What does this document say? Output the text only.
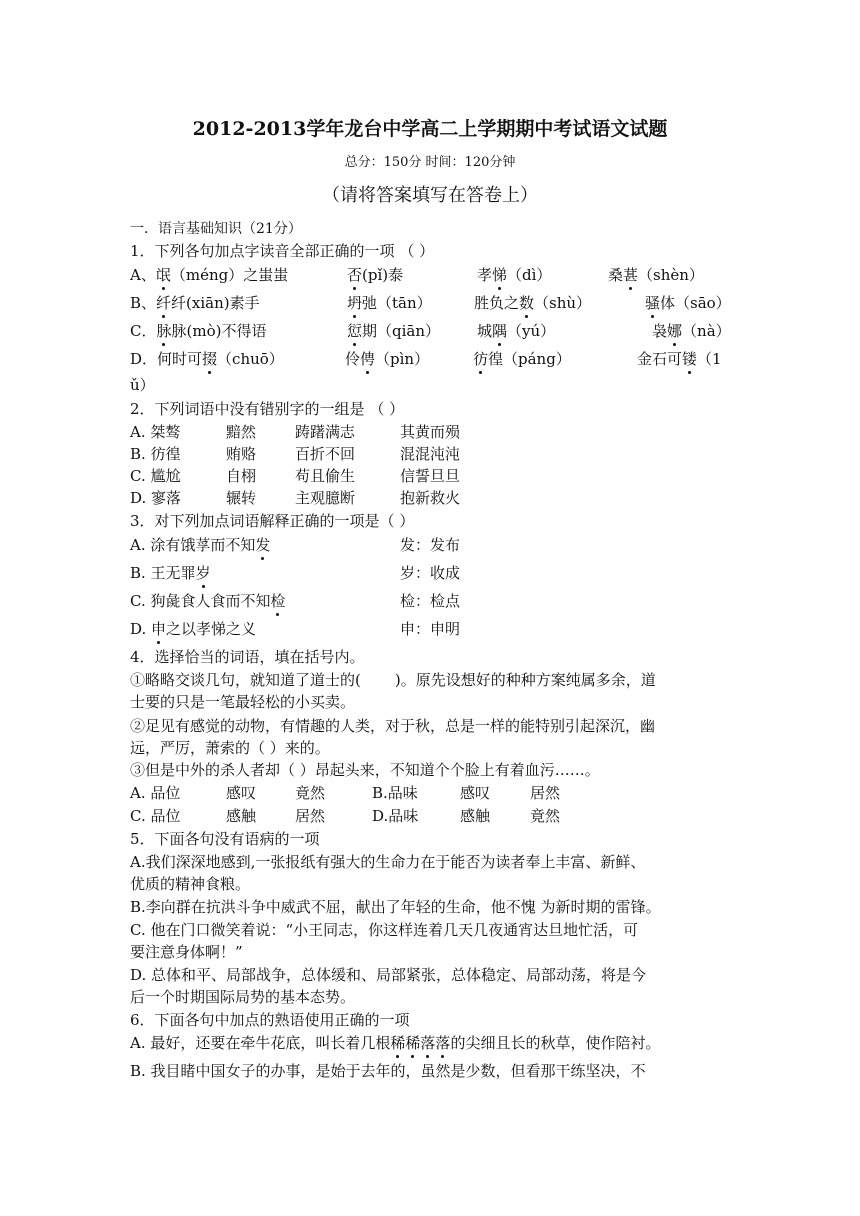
2012-2013学年龙台中学高二上学期期中考试语文试题
总分：150分 时间：120分钟
（请将答案填写在答卷上）
一．语言基础知识（21分）
1．下列各句加点字读音全部正确的一项 （ ）
A、氓（méng）之蚩蚩	否(pǐ)泰	孝悌（dì）	桑葚（shèn）
B、纤纤(xiān)素手	坍弛（tān）	胜负之数（shù）	骚体（sāo）
C．脉脉(mò)不得语	愆期（qiān） 城隅（yú）	袅娜（nà）
D．何时可掇（chuō）	伶俜（pìn）	彷徨（páng）	金石可镂（1
ǔ）
2．下列词语中没有错别字的一组是 （ ）
A. 桀骜	黯然	踌躇满志	其黄而殒
B. 彷徨	贿赂	百折不回	混混沌沌
C. 尴尬	自栩	苟且偷生	信誓旦旦
D. 寥落	辗转	主观臆断	抱新救火
3．对下列加点词语解释正确的一项是（ ）
A. 涂有饿莩而不知发	发：发布
B. 王无罪岁	岁：收成
C. 狗彘食人食而不知检	检：检点
D. 申之以孝悌之义	申：申明
4．选择恰当的词语，填在括号内。
①略略交谈几句，就知道了道士的( )。原先设想好的种种方案纯属多余，道
士要的只是一笔最轻松的小买卖。
②足见有感觉的动物，有情趣的人类，对于秋，总是一样的能特别引起深沉，幽
远，严厉，萧索的（ ）来的。
③但是中外的杀人者却（ ）昂起头来，不知道个个脸上有着血污……。
A. 品位	感叹	竟然	B.品味	感叹	居然
C. 品位	感触	居然	D.品味	感触	竟然
5．下面各句没有语病的一项
A.我们深深地感到,一张报纸有强大的生命力在于能否为读者奉上丰富、新鲜、
优质的精神食粮。
B.李向群在抗洪斗争中威武不屈，献出了年轻的生命，他不愧 为新时期的雷锋。
C. 他在门口微笑着说：“小王同志，你这样连着几天几夜通宵达旦地忙活，可
要注意身体啊！”
D. 总体和平、局部战争，总体缓和、局部紧张，总体稳定、局部动荡，将是今
后一个时期国际局势的基本态势。
6．下面各句中加点的熟语使用正确的一项
A. 最好，还要在牵牛花底，叫长着几根稀稀落落的尖细且长的秋草，使作陪衬。
B. 我目睹中国女子的办事，是始于去年的，虽然是少数，但看那干练坚决，不
